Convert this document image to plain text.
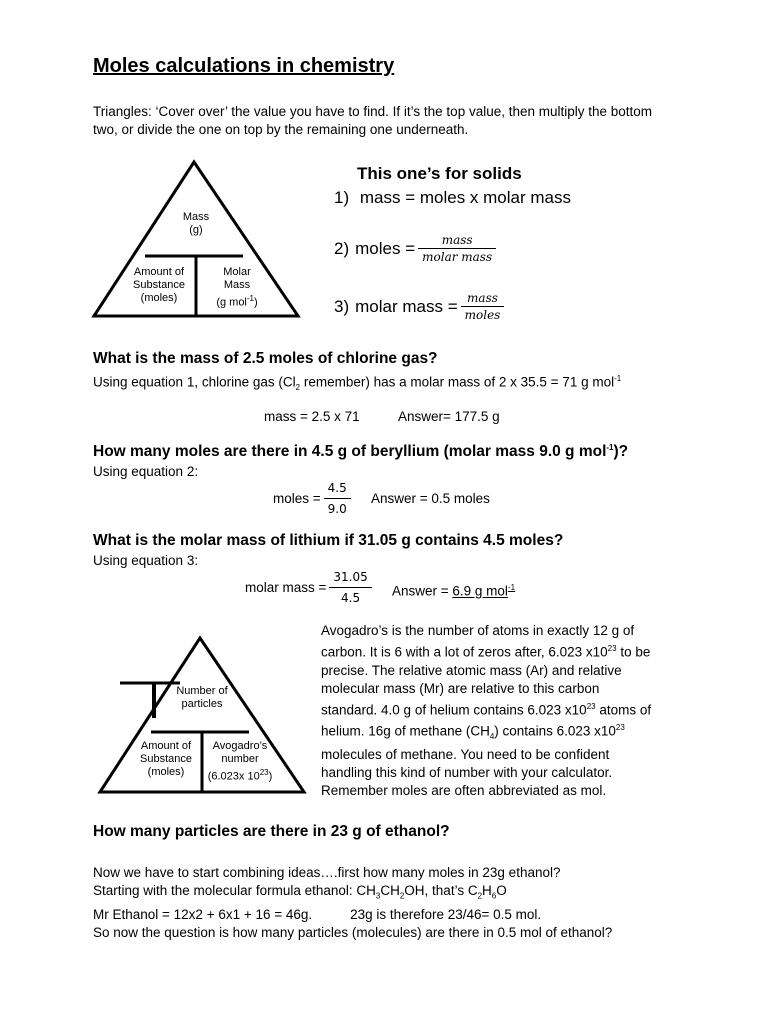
Moles calculations in chemistry
Triangles: ‘Cover over’ the value you have to find. If it’s the top value, then multiply the bottom two, or divide the one on top by the remaining one underneath.
Mass
(g)
Amount of
Substance
(moles)
Molar
Mass
(g mol$^{-1}$)
This one’s for solids
1) mass = moles x molar mass
2) moles = $\frac{\text{mass}}{\text{molar mass}}$
3) molar mass = $\frac{\text{mass}}{\text{moles}}$
What is the mass of 2.5 moles of chlorine gas?
Using equation 1, chlorine gas ($Cl_2$ remember) has a molar mass of 2 x 35.5 = 71 g mol$^{-1}$
mass = 2.5 x 71	Answer= 177.5 g
How many moles are there in 4.5 g of beryllium (molar mass 9.0 g mol$^{-1}$)?
Using equation 2:
moles = $\frac{4.5}{9.0}$ Answer = 0.5 moles
What is the molar mass of lithium if 31.05 g contains 4.5 moles?
Using equation 3:
molar mass = $\frac{31.05}{4.5}$ Answer = 6.9 g mol$^{-1}$
Number of
particles
Amount of
Substance
(moles)
Avogadro’s
number
(6.023x $10^{23}$)
Avogadro’s is the number of atoms in exactly 12 g of
carbon. It is 6 with a lot of zeros after, 6.023 $x10^{23}$ to be
precise. The relative atomic mass (Ar) and relative
molecular mass (Mr) are relative to this carbon
standard. 4.0 g of helium contains 6.023 $x10^{23}$ atoms of
helium. 16g of methane $(CH_4)$ contains 6.023 $x10^{23}$
molecules of methane. You need to be confident
handling this kind of number with your calculator.
Remember moles are often abbreviated as mol.
How many particles are there in 23 g of ethanol?
Now we have to start combining ideas….first how many moles in 23g ethanol?
Starting with the molecular formula ethanol: $CH_3CH_2OH$, that’s $C_2H_6O$
Mr Ethanol = 12x2 + 6x1 + 16 = 46g.	23g is therefore 23/46= 0.5 mol.
So now the question is how many particles (molecules) are there in 0.5 mol of ethanol?
